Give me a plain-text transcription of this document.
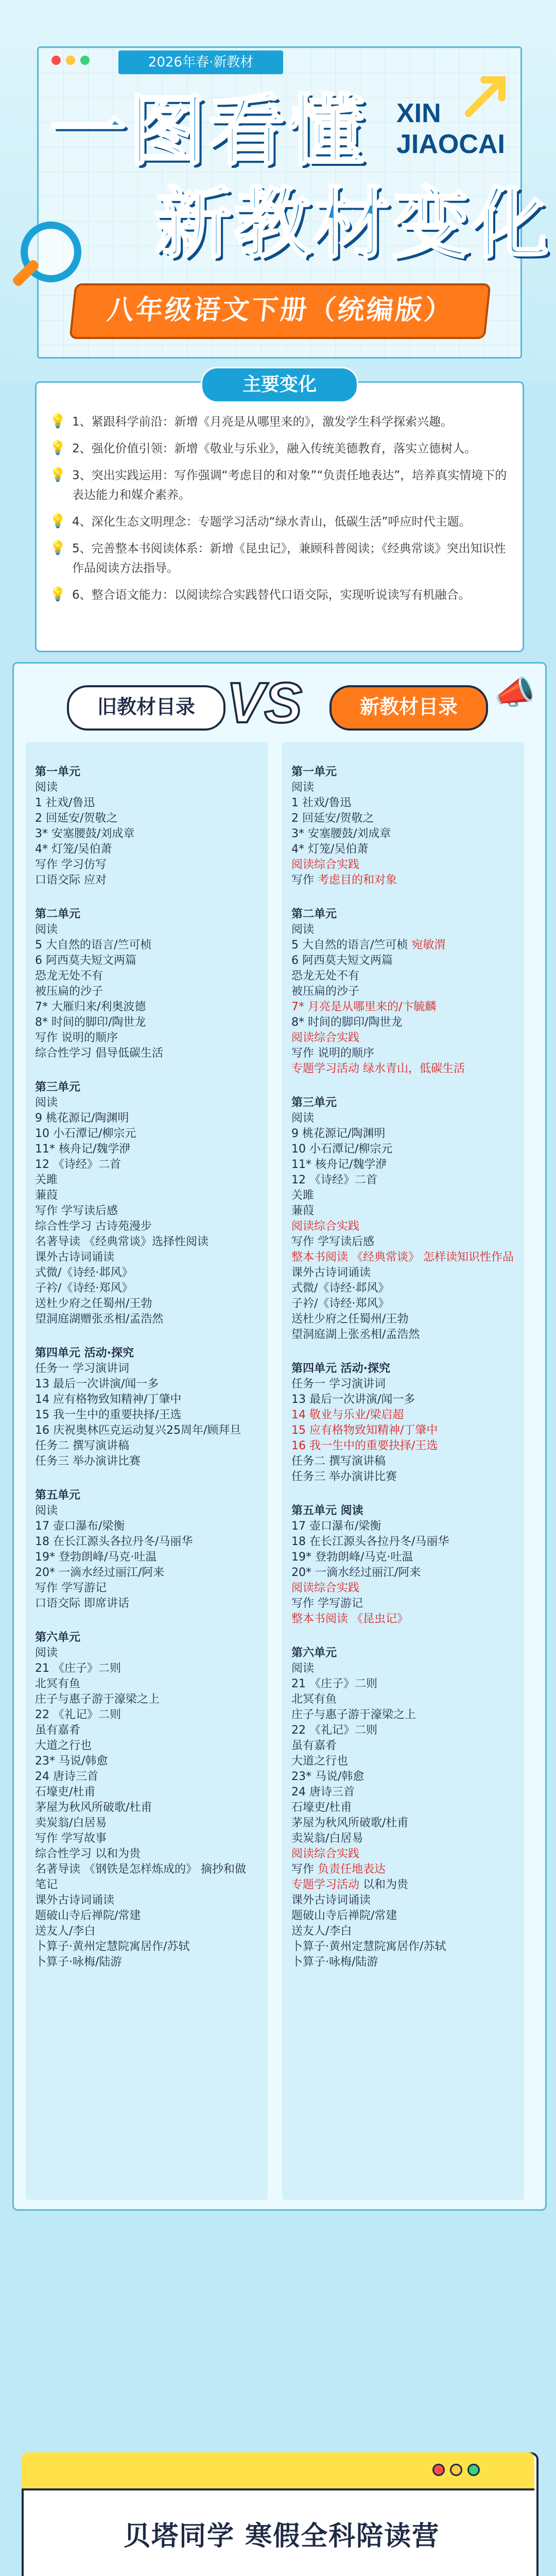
2026年春·新教材
一图看懂 XIN
JIAOCAI
新教材变化
八年级语文下册（统编版）
主要变化
💡 1、紧跟科学前沿：新增《月亮是从哪里来的》，激发学生科学探索兴趣。
💡 2、强化价值引领：新增《敬业与乐业》，融入传统美德教育，落实立德树人。
💡 3、突出实践运用：写作强调“考虑目的和对象”“负责任地表达”，培养真实情境下的表达能力和媒介素养。
💡 4、深化生态文明理念：专题学习活动“绿水青山，低碳生活”呼应时代主题。
💡 5、完善整本书阅读体系：新增《昆虫记》，兼顾科普阅读；《经典常谈》突出知识性作品阅读方法指导。
💡 6、整合语文能力：以阅读综合实践替代口语交际，实现听说读写有机融合。
旧教材目录 VS	新教材目录	📣
第一单元
阅读
1 社戏/鲁迅
2 回延安/贺敬之
3* 安塞腰鼓/刘成章
4* 灯笼/吴伯萧
写作 学习仿写
口语交际 应对
第二单元
阅读
5 大自然的语言/竺可桢
6 阿西莫夫短文两篇
恐龙无处不有
被压扁的沙子
7* 大雁归来/利奥波德
8* 时间的脚印/陶世龙
写作 说明的顺序
综合性学习 倡导低碳生活
第三单元
阅读
9 桃花源记/陶渊明
10 小石潭记/柳宗元
11* 核舟记/魏学洢
12 《诗经》二首
关雎
蒹葭
写作 学写读后感
综合性学习 古诗苑漫步
名著导读 《经典常谈》选择性阅读
课外古诗词诵读
式微/《诗经·邶风》
子衿/《诗经·郑风》
送杜少府之任蜀州/王勃
望洞庭湖赠张丞相/孟浩然
第四单元 活动·探究
任务一 学习演讲词
13 最后一次讲演/闻一多
14 应有格物致知精神/丁肇中
15 我一生中的重要抉择/王选
16 庆祝奥林匹克运动复兴25周年/顾拜旦
任务二 撰写演讲稿
任务三 举办演讲比赛
第五单元
阅读
17 壶口瀑布/梁衡
18 在长江源头各拉丹冬/马丽华
19* 登勃朗峰/马克·吐温
20* 一滴水经过丽江/阿来
写作 学写游记
口语交际 即席讲话
第六单元
阅读
21 《庄子》二则
北冥有鱼
庄子与惠子游于濠梁之上
22 《礼记》二则
虽有嘉肴
大道之行也
23* 马说/韩愈
24 唐诗三首
石壕吏/杜甫
茅屋为秋风所破歌/杜甫
卖炭翁/白居易
写作 学写故事
综合性学习 以和为贵
名著导读 《钢铁是怎样炼成的》 摘抄和做
笔记
课外古诗词诵读
题破山寺后禅院/常建
送友人/李白
卜算子·黄州定慧院寓居作/苏轼
卜算子·咏梅/陆游
第一单元
阅读
1 社戏/鲁迅
2 回延安/贺敬之
3* 安塞腰鼓/刘成章
4* 灯笼/吴伯萧
阅读综合实践
写作 考虑目的和对象
第二单元
阅读
5 大自然的语言/竺可桢 宛敏渭
6 阿西莫夫短文两篇
恐龙无处不有
被压扁的沙子
7* 月亮是从哪里来的/卞毓麟
8* 时间的脚印/陶世龙
阅读综合实践
写作 说明的顺序
专题学习活动 绿水青山，低碳生活
第三单元
阅读
9 桃花源记/陶渊明
10 小石潭记/柳宗元
11* 核舟记/魏学洢
12 《诗经》二首
关雎
蒹葭
阅读综合实践
写作 学写读后感
整本书阅读 《经典常谈》 怎样读知识性作品
课外古诗词诵读
式微/《诗经·邶风》
子衿/《诗经·郑风》
送杜少府之任蜀州/王勃
望洞庭湖上张丞相/孟浩然
第四单元 活动·探究
任务一 学习演讲词
13 最后一次讲演/闻一多
14 敬业与乐业/梁启超
15 应有格物致知精神/丁肇中
16 我一生中的重要抉择/王选
任务二 撰写演讲稿
任务三 举办演讲比赛
第五单元 阅读
17 壶口瀑布/梁衡
18 在长江源头各拉丹冬/马丽华
19* 登勃朗峰/马克·吐温
20* 一滴水经过丽江/阿来
阅读综合实践
写作 学写游记
整本书阅读 《昆虫记》
第六单元
阅读
21 《庄子》二则
北冥有鱼
庄子与惠子游于濠梁之上
22 《礼记》二则
虽有嘉肴
大道之行也
23* 马说/韩愈
24 唐诗三首
石壕吏/杜甫
茅屋为秋风所破歌/杜甫
卖炭翁/白居易
阅读综合实践
写作 负责任地表达
专题学习活动 以和为贵
课外古诗词诵读
题破山寺后禅院/常建
送友人/李白
卜算子·黄州定慧院寓居作/苏轼
卜算子·咏梅/陆游
贝塔同学 寒假全科陪读营
